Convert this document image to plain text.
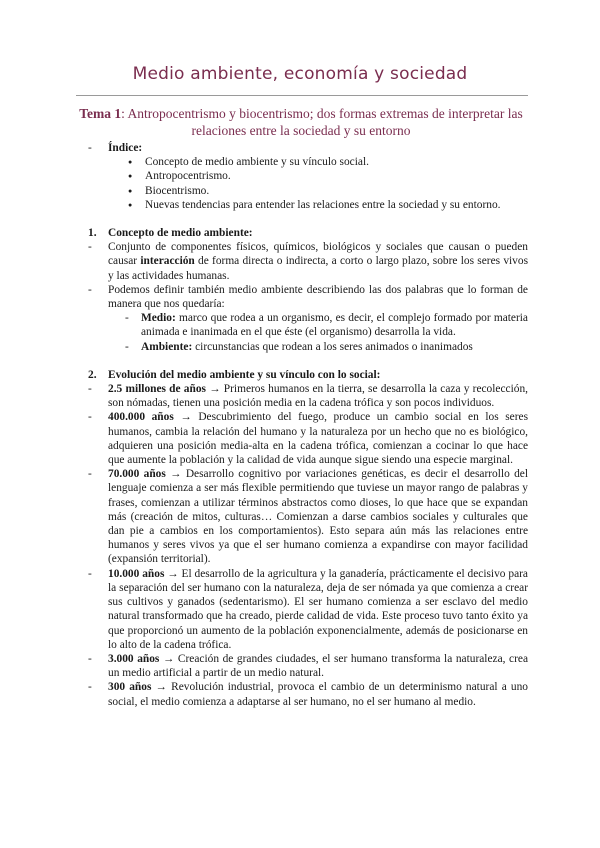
Medio ambiente, economía y sociedad
Tema 1: Antropocentrismo y biocentrismo; dos formas extremas de interpretar las relaciones entre la sociedad y su entorno

- Índice:

● Concepto de medio ambiente y su vínculo social.

● Antropocentrismo.

● Biocentrismo.

● Nuevas tendencias para entender las relaciones entre la sociedad y su entorno.

1. Concepto de medio ambiente:

- Conjunto de componentes físicos, químicos, biológicos y sociales que causan o pueden causar interacción de forma directa o indirecta, a corto o largo plazo, sobre los seres vivos y las actividades humanas.

- Podemos definir también medio ambiente describiendo las dos palabras que lo forman de manera que nos quedaría:

- Medio: marco que rodea a un organismo, es decir, el complejo formado por materia animada e inanimada en el que éste (el organismo) desarrolla la vida.

- Ambiente: circunstancias que rodean a los seres animados o inanimados

2. Evolución del medio ambiente y su vínculo con lo social:

- 2.5 millones de años → Primeros humanos en la tierra, se desarrolla la caza y recolección, son nómadas, tienen una posición media en la cadena trófica y son pocos individuos.

- 400.000 años → Descubrimiento del fuego, produce un cambio social en los seres humanos, cambia la relación del humano y la naturaleza por un hecho que no es biológico, adquieren una posición media-alta en la cadena trófica, comienzan a cocinar lo que hace que aumente la población y la calidad de vida aunque sigue siendo una especie marginal.

- 70.000 años → Desarrollo cognitivo por variaciones genéticas, es decir el desarrollo del lenguaje comienza a ser más flexible permitiendo que tuviese un mayor rango de palabras y frases, comienzan a utilizar términos abstractos como dioses, lo que hace que se expandan más (creación de mitos, culturas… Comienzan a darse cambios sociales y culturales que dan pie a cambios en los comportamientos). Esto separa aún más las relaciones entre humanos y seres vivos ya que el ser humano comienza a expandirse con mayor facilidad (expansión territorial).

- 10.000 años → El desarrollo de la agricultura y la ganadería, prácticamente el decisivo para la separación del ser humano con la naturaleza, deja de ser nómada ya que comienza a crear sus cultivos y ganados (sedentarismo). El ser humano comienza a ser esclavo del medio natural transformado que ha creado, pierde calidad de vida. Este proceso tuvo tanto éxito ya que proporcionó un aumento de la población exponencialmente, además de posicionarse en lo alto de la cadena trófica.

- 3.000 años → Creación de grandes ciudades, el ser humano transforma la naturaleza, crea un medio artificial a partir de un medio natural.

- 300 años → Revolución industrial, provoca el cambio de un determinismo natural a uno social, el medio comienza a adaptarse al ser humano, no el ser humano al medio.
